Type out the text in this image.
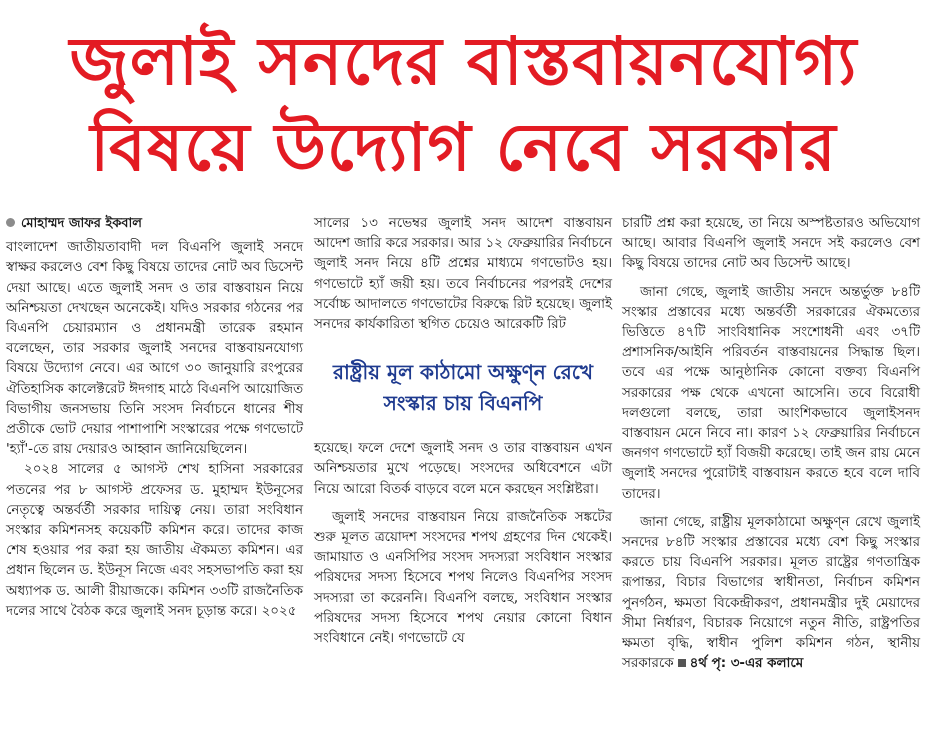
জুলাই সনদের বাস্তবায়নযোগ্য
বিষয়ে উদ্যোগ নেবে সরকার

মোহাম্মদ জাফর ইকবাল

বাংলাদেশ জাতীয়তাবাদী দল বিএনপি জুলাই সনদে স্বাক্ষর করলেও বেশ কিছু বিষয়ে তাদের নোট অব ডিসেন্ট দেয়া আছে। এতে জুলাই সনদ ও তার বাস্তবায়ন নিয়ে অনিশ্চয়তা দেখছেন অনেকেই। যদিও সরকার গঠনের পর বিএনপি চেয়ারম্যান ও প্রধানমন্ত্রী তারেক রহমান বলেছেন, তার সরকার জুলাই সনদের বাস্তবায়নযোগ্য বিষয়ে উদ্যোগ নেবে। এর আগে ৩০ জানুয়ারি রংপুরের ঐতিহাসিক কালেক্টরেট ঈদগাহ মাঠে বিএনপি আয়োজিত বিভাগীয় জনসভায় তিনি সংসদ নির্বাচনে ধানের শীষ প্রতীকে ভোট দেয়ার পাশাপাশি সংস্কারের পক্ষে গণভোটে 'হ্যাঁ'-তে রায় দেয়ারও আহ্বান জানিয়েছিলেন।

২০২৪ সালের ৫ আগস্ট শেখ হাসিনা সরকারের পতনের পর ৮ আগস্ট প্রফেসর ড. মুহাম্মদ ইউনূসের নেতৃত্বে অন্তর্বর্তী সরকার দায়িত্ব নেয়। তারা সংবিধান সংস্কার কমিশনসহ কয়েকটি কমিশন করে। তাদের কাজ শেষ হওয়ার পর করা হয় জাতীয় ঐকমত্য কমিশন। এর প্রধান ছিলেন ড. ইউনূস নিজে এবং সহসভাপতি করা হয় অধ্যাপক ড. আলী রীয়াজকে। কমিশন ৩৩টি রাজনৈতিক দলের সাথে বৈঠক করে জুলাই সনদ চূড়ান্ত করে। ২০২৫

সালের ১৩ নভেম্বর জুলাই সনদ আদেশ বাস্তবায়ন আদেশ জারি করে সরকার। আর ১২ ফেব্রুয়ারির নির্বাচনে জুলাই সনদ নিয়ে ৪টি প্রশ্নের মাধ্যমে গণভোটও হয়। গণভোটে হ্যাঁ জয়ী হয়। তবে নির্বাচনের পরপরই দেশের সর্বোচ্চ আদালতে গণভোটের বিরুদ্ধে রিট হয়েছে। জুলাই সনদের কার্যকারিতা স্থগিত চেয়েও আরেকটি রিট

রাষ্ট্রীয় মূল কাঠামো অক্ষুণ্ন রেখে সংস্কার চায় বিএনপি

হয়েছে। ফলে দেশে জুলাই সনদ ও তার বাস্তবায়ন এখন অনিশ্চয়তার মুখে পড়েছে। সংসদের অধিবেশনে এটা নিয়ে আরো বিতর্ক বাড়বে বলে মনে করছেন সংশ্লিষ্টরা।

জুলাই সনদের বাস্তবায়ন নিয়ে রাজনৈতিক সঙ্কটের শুরু মূলত ত্রয়োদশ সংসদের শপথ গ্রহণের দিন থেকেই। জামায়াত ও এনসিপির সংসদ সদস্যরা সংবিধান সংস্কার পরিষদের সদস্য হিসেবে শপথ নিলেও বিএনপির সংসদ সদস্যরা তা করেননি। বিএনপি বলছে, সংবিধান সংস্কার পরিষদের সদস্য হিসেবে শপথ নেয়ার কোনো বিধান সংবিধানে নেই। গণভোটে যে

চারটি প্রশ্ন করা হয়েছে, তা নিয়ে অস্পষ্টতারও অভিযোগ আছে। আবার বিএনপি জুলাই সনদে সই করলেও বেশ কিছু বিষয়ে তাদের নোট অব ডিসেন্ট আছে।

জানা গেছে, জুলাই জাতীয় সনদে অন্তর্ভুক্ত ৮৪টি সংস্কার প্রস্তাবের মধ্যে অন্তর্বর্তী সরকারের ঐকমত্যের ভিত্তিতে ৪৭টি সাংবিধানিক সংশোধনী এবং ৩৭টি প্রশাসনিক/আইনি পরিবর্তন বাস্তবায়নের সিদ্ধান্ত ছিল। তবে এর পক্ষে আনুষ্ঠানিক কোনো বক্তব্য বিএনপি সরকারের পক্ষ থেকে এখনো আসেনি। তবে বিরোধী দলগুলো বলছে, তারা আংশিকভাবে জুলাইসনদ বাস্তবায়ন মেনে নিবে না। কারণ ১২ ফেব্রুয়ারির নির্বাচনে জনগণ গণভোটে হ্যাঁ বিজয়ী করেছে। তাই জন রায় মেনে জুলাই সনদের পুরোটাই বাস্তবায়ন করতে হবে বলে দাবি তাদের।

জানা গেছে, রাষ্ট্রীয় মূলকাঠামো অক্ষুণ্ন রেখে জুলাই সনদের ৮৪টি সংস্কার প্রস্তাবের মধ্যে বেশ কিছু সংস্কার করতে চায় বিএনপি সরকার। মূলত রাষ্ট্রের গণতান্ত্রিক রূপান্তর, বিচার বিভাগের স্বাধীনতা, নির্বাচন কমিশন পুনর্গঠন, ক্ষমতা বিকেন্দ্রীকরণ, প্রধানমন্ত্রীর দুই মেয়াদের সীমা নির্ধারণ, বিচারক নিয়োগে নতুন নীতি, রাষ্ট্রপতির ক্ষমতা বৃদ্ধি, স্বাধীন পুলিশ কমিশন গঠন, স্থানীয় সরকারকে ৪র্থ পৃ: ৩-এর কলামে
